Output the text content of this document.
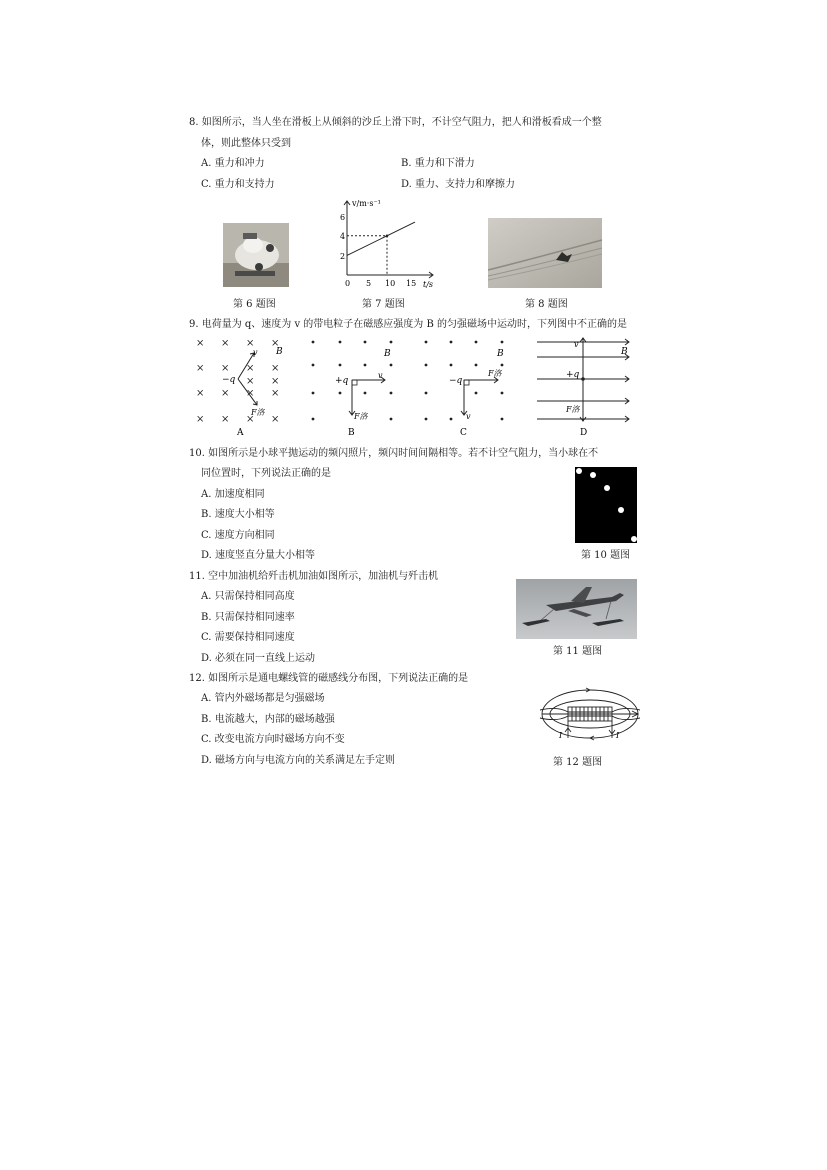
8. 如图所示，当人坐在滑板上从倾斜的沙丘上滑下时，不计空气阻力，把人和滑板看成一个整
体，则此整体只受到
A. 重力和冲力	B. 重力和下滑力
C. 重力和支持力	D. 重力、支持力和摩擦力
第 6 题图
v/m·s⁻¹
t/s
6
4
2
0 5 10 15
第 7 题图	第 8 题图
9. 电荷量为 q、速度为 v 的带电粒子在磁感应强度为 B 的匀强磁场中运动时，下列图中不正确的是
× × × ×
× × × ×
× ×
× × × ×
× × × ×
B
v
F洛
−q
A
B
v
F洛
+q
B
B
F洛
v
−q
C
v
B
+q
F洛
D
10. 如图所示是小球平抛运动的频闪照片，频闪时间间隔相等。若不计空气阻力，当小球在不
同位置时，下列说法正确的是
A. 加速度相同
B. 速度大小相等
C. 速度方向相同
D. 速度竖直分量大小相等	第 10 题图
11. 空中加油机给歼击机加油如图所示，加油机与歼击机
A. 只需保持相同高度
B. 只需保持相同速率
C. 需要保持相同速度
D. 必须在同一直线上运动
第 11 题图
12. 如图所示是通电螺线管的磁感线分布图，下列说法正确的是
A. 管内外磁场都是匀强磁场
B. 电流越大，内部的磁场越强
C. 改变电流方向时磁场方向不变
D. 磁场方向与电流方向的关系满足左手定则
I	I
第 12 题图
